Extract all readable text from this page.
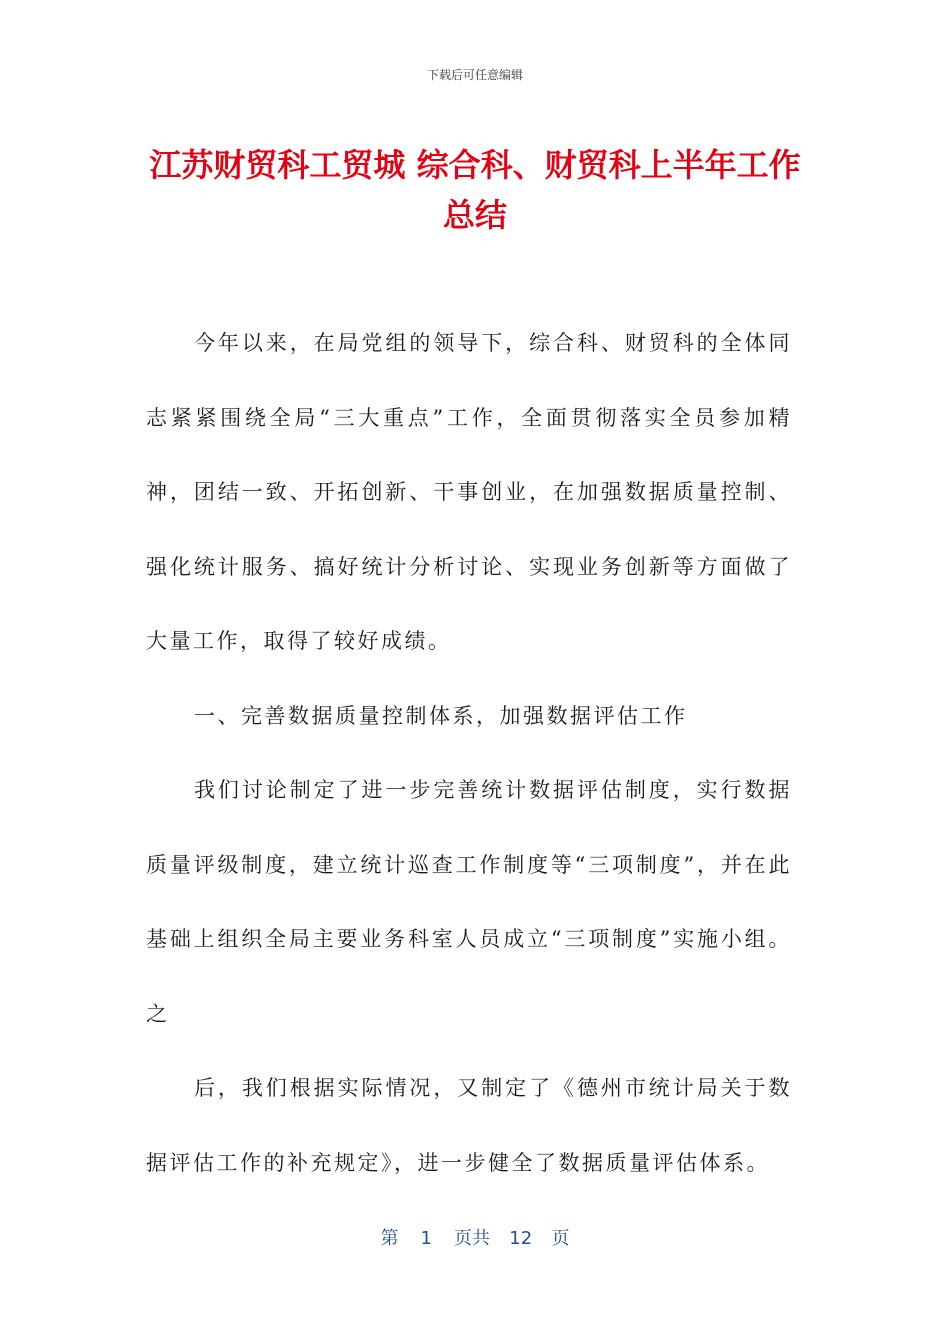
下载后可任意编辑
江苏财贸科工贸城 综合科、财贸科上半年工作总结

今年以来，在局党组的领导下，综合科、财贸科的全体同志紧紧围绕全局“三大重点”工作，全面贯彻落实全员参加精神，团结一致、开拓创新、干事创业，在加强数据质量控制、强化统计服务、搞好统计分析讨论、实现业务创新等方面做了大量工作，取得了较好成绩。

一、完善数据质量控制体系，加强数据评估工作

我们讨论制定了进一步完善统计数据评估制度，实行数据质量评级制度，建立统计巡查工作制度等“三项制度”，并在此基础上组织全局主要业务科室人员成立“三项制度”实施小组。之

后，我们根据实际情况，又制定了《德州市统计局关于数据评估工作的补充规定》，进一步健全了数据质量评估体系。

第 1 页共 12 页
